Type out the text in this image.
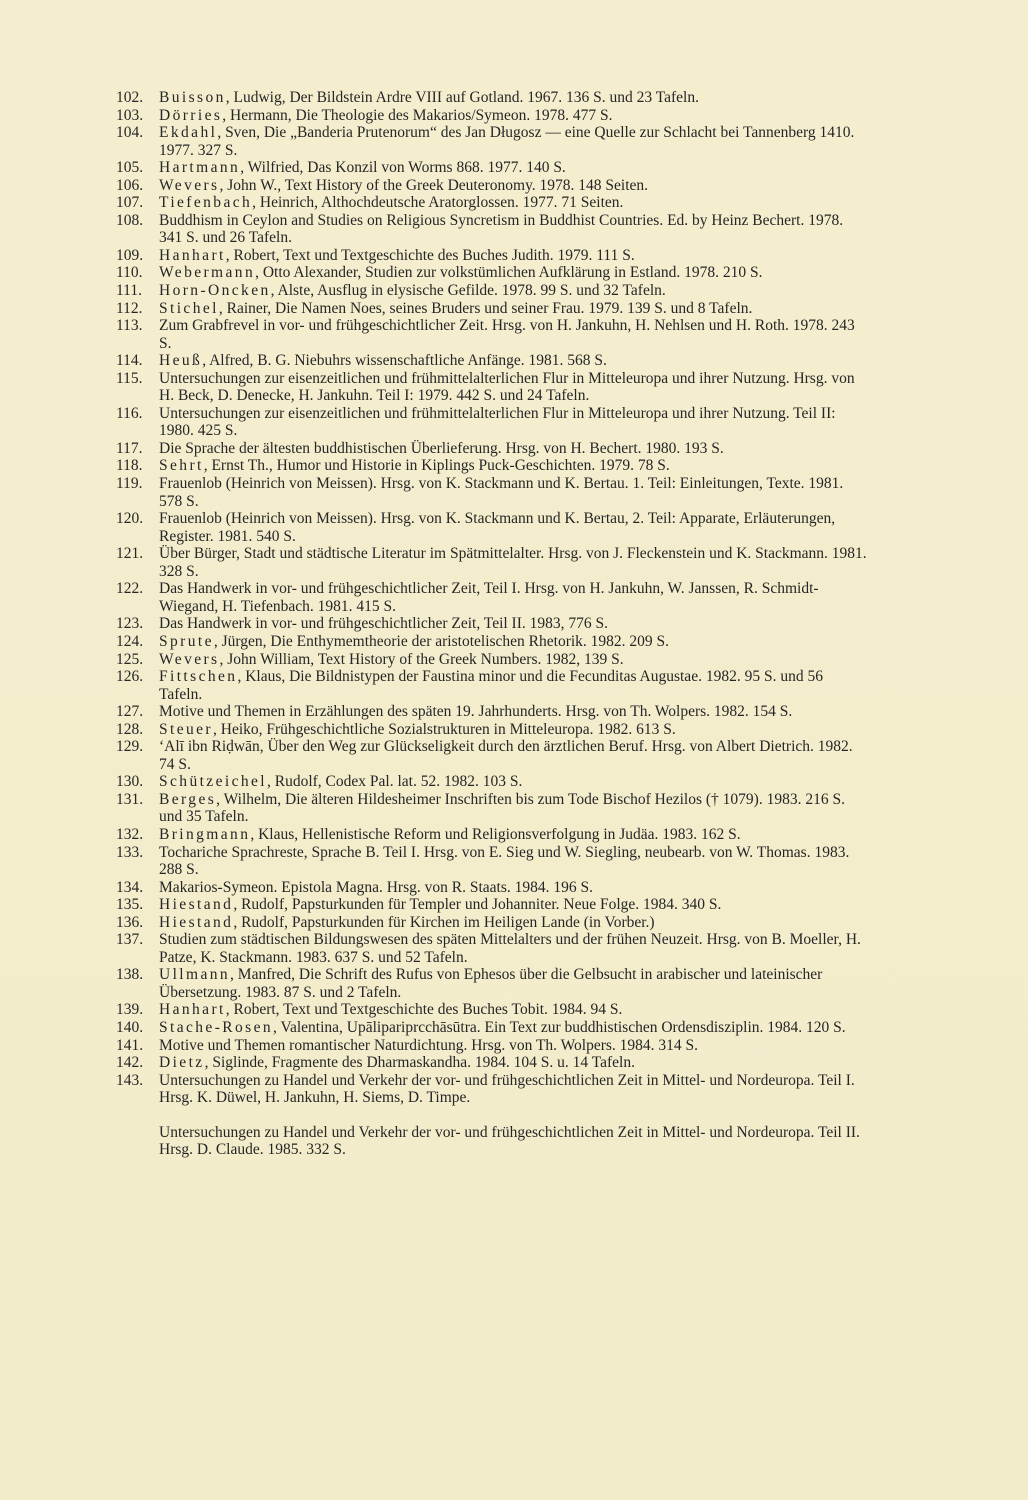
102. Buisson, Ludwig, Der Bildstein Ardre VIII auf Gotland. 1967. 136 S. und 23 Tafeln.
103. Dörries, Hermann, Die Theologie des Makarios/Symeon. 1978. 477 S.
104. Ekdahl, Sven, Die „Banderia Prutenorum“ des Jan Długosz — eine Quelle zur Schlacht bei Tannenberg 1410. 1977. 327 S.
105. Hartmann, Wilfried, Das Konzil von Worms 868. 1977. 140 S.
106. Wevers, John W., Text History of the Greek Deuteronomy. 1978. 148 Seiten.
107. Tiefenbach, Heinrich, Althochdeutsche Aratorglossen. 1977. 71 Seiten.
108. Buddhism in Ceylon and Studies on Religious Syncretism in Buddhist Countries. Ed. by Heinz Bechert. 1978. 341 S. und 26 Tafeln.
109. Hanhart, Robert, Text und Textgeschichte des Buches Judith. 1979. 111 S.
110. Webermann, Otto Alexander, Studien zur volkstümlichen Aufklärung in Estland. 1978. 210 S.
111. Horn-Oncken, Alste, Ausflug in elysische Gefilde. 1978. 99 S. und 32 Tafeln.
112. Stichel, Rainer, Die Namen Noes, seines Bruders und seiner Frau. 1979. 139 S. und 8 Tafeln.
113. Zum Grabfrevel in vor- und frühgeschichtlicher Zeit. Hrsg. von H. Jankuhn, H. Nehlsen und H. Roth. 1978. 243 S.
114. Heuß, Alfred, B. G. Niebuhrs wissenschaftliche Anfänge. 1981. 568 S.
115. Untersuchungen zur eisenzeitlichen und frühmittelalterlichen Flur in Mitteleuropa und ihrer Nutzung. Hrsg. von H. Beck, D. Denecke, H. Jankuhn. Teil I: 1979. 442 S. und 24 Tafeln.
116. Untersuchungen zur eisenzeitlichen und frühmittelalterlichen Flur in Mitteleuropa und ihrer Nutzung. Teil II: 1980. 425 S.
117. Die Sprache der ältesten buddhistischen Überlieferung. Hrsg. von H. Bechert. 1980. 193 S.
118. Sehrt, Ernst Th., Humor und Historie in Kiplings Puck-Geschichten. 1979. 78 S.
119. Frauenlob (Heinrich von Meissen). Hrsg. von K. Stackmann und K. Bertau. 1. Teil: Einleitungen, Texte. 1981. 578 S.
120. Frauenlob (Heinrich von Meissen). Hrsg. von K. Stackmann und K. Bertau, 2. Teil: Apparate, Erläuterungen, Register. 1981. 540 S.
121. Über Bürger, Stadt und städtische Literatur im Spätmittelalter. Hrsg. von J. Fleckenstein und K. Stackmann. 1981. 328 S.
122. Das Handwerk in vor- und frühgeschichtlicher Zeit, Teil I. Hrsg. von H. Jankuhn, W. Janssen, R. Schmidt-Wiegand, H. Tiefenbach. 1981. 415 S.
123. Das Handwerk in vor- und frühgeschichtlicher Zeit, Teil II. 1983, 776 S.
124. Sprute, Jürgen, Die Enthymemtheorie der aristotelischen Rhetorik. 1982. 209 S.
125. Wevers, John William, Text History of the Greek Numbers. 1982, 139 S.
126. Fittschen, Klaus, Die Bildnistypen der Faustina minor und die Fecunditas Augustae. 1982. 95 S. und 56 Tafeln.
127. Motive und Themen in Erzählungen des späten 19. Jahrhunderts. Hrsg. von Th. Wolpers. 1982. 154 S.
128. Steuer, Heiko, Frühgeschichtliche Sozialstrukturen in Mitteleuropa. 1982. 613 S.
129. ‘Alī ibn Riḍwān, Über den Weg zur Glückseligkeit durch den ärztlichen Beruf. Hrsg. von Albert Dietrich. 1982. 74 S.
130. Schützeichel, Rudolf, Codex Pal. lat. 52. 1982. 103 S.
131. Berges, Wilhelm, Die älteren Hildesheimer Inschriften bis zum Tode Bischof Hezilos († 1079). 1983. 216 S. und 35 Tafeln.
132. Bringmann, Klaus, Hellenistische Reform und Religionsverfolgung in Judäa. 1983. 162 S.
133. Tochariche Sprachreste, Sprache B. Teil I. Hrsg. von E. Sieg und W. Siegling, neubearb. von W. Thomas. 1983. 288 S.
134. Makarios-Symeon. Epistola Magna. Hrsg. von R. Staats. 1984. 196 S.
135. Hiestand, Rudolf, Papsturkunden für Templer und Johanniter. Neue Folge. 1984. 340 S.
136. Hiestand, Rudolf, Papsturkunden für Kirchen im Heiligen Lande (in Vorber.)
137. Studien zum städtischen Bildungswesen des späten Mittelalters und der frühen Neuzeit. Hrsg. von B. Moeller, H. Patze, K. Stackmann. 1983. 637 S. und 52 Tafeln.
138. Ullmann, Manfred, Die Schrift des Rufus von Ephesos über die Gelbsucht in arabischer und lateinischer Übersetzung. 1983. 87 S. und 2 Tafeln.
139. Hanhart, Robert, Text und Textgeschichte des Buches Tobit. 1984. 94 S.
140. Stache-Rosen, Valentina, Upālipariprcchāsūtra. Ein Text zur buddhistischen Ordensdisziplin. 1984. 120 S.
141. Motive und Themen romantischer Naturdichtung. Hrsg. von Th. Wolpers. 1984. 314 S.
142. Dietz, Siglinde, Fragmente des Dharmaskandha. 1984. 104 S. u. 14 Tafeln.
143. Untersuchungen zu Handel und Verkehr der vor- und frühgeschichtlichen Zeit in Mittel- und Nordeuropa. Teil I. Hrsg. K. Düwel, H. Jankuhn, H. Siems, D. Timpe.
Untersuchungen zu Handel und Verkehr der vor- und frühgeschichtlichen Zeit in Mittel- und Nordeuropa. Teil II. Hrsg. D. Claude. 1985. 332 S.
